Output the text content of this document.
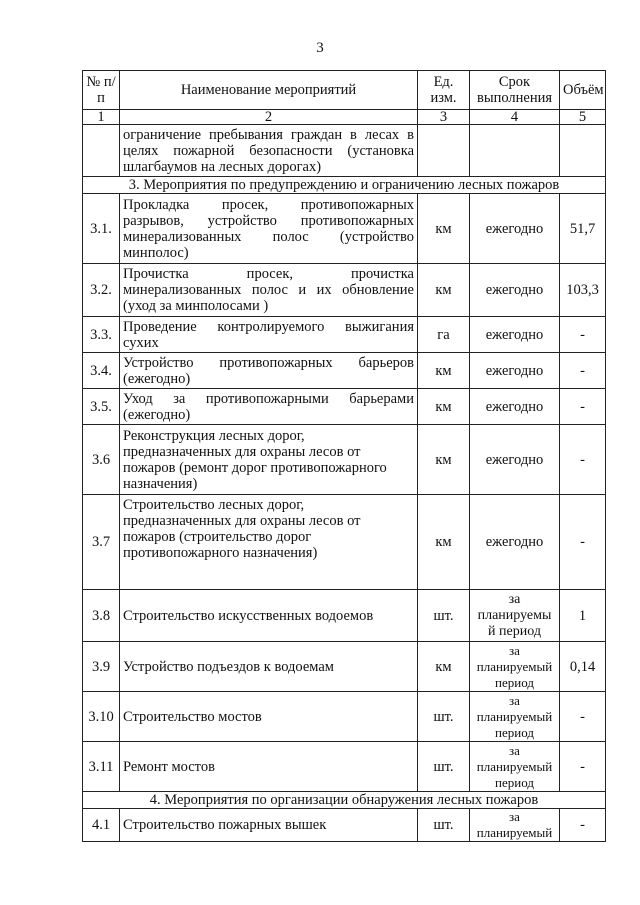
3
№ п/п	Наименование мероприятий	Ед. изм.	Срок выполнения	Объём
1	2	3	4	5
	ограничение пребывания граждан в лесах в целях пожарной безопасности (установка шлагбаумов на лесных дорогах)			
3. Мероприятия по предупреждению и ограничению лесных пожаров				
3.1.	Прокладка просек, противопожарных разрывов, устройство противопожарных минерализованных полос (устройство минполос)	км	ежегодно	51,7
3.2.	Прочистка просек, прочистка минерализованных полос и их обновление (уход за минполосами )	км	ежегодно	103,3
3.3.	Проведение контролируемого выжигания сухих	га	ежегодно	-
3.4.	Устройство противопожарных барьеров (ежегодно)	км	ежегодно	-
3.5.	Уход за противопожарными барьерами (ежегодно)	км	ежегодно	-
3.6	Реконструкция лесных дорог, предназначенных для охраны лесов от пожаров (ремонт дорог противопожарного назначения)	км	ежегодно	-
3.7	Строительство лесных дорог, предназначенных для охраны лесов от пожаров (строительство дорог противопожарного назначения)	км	ежегодно	-
3.8	Строительство искусственных водоемов	шт.	за планируемы й период	1
3.9	Устройство подъездов к водоемам	км	за планируемый период	0,14
3.10	Строительство мостов	шт.	за планируемый период	-
3.11	Ремонт мостов	шт.	за планируемый период	-
4. Мероприятия по организации обнаружения лесных пожаров				
4.1	Строительство пожарных вышек	шт.	за планируемый	-
